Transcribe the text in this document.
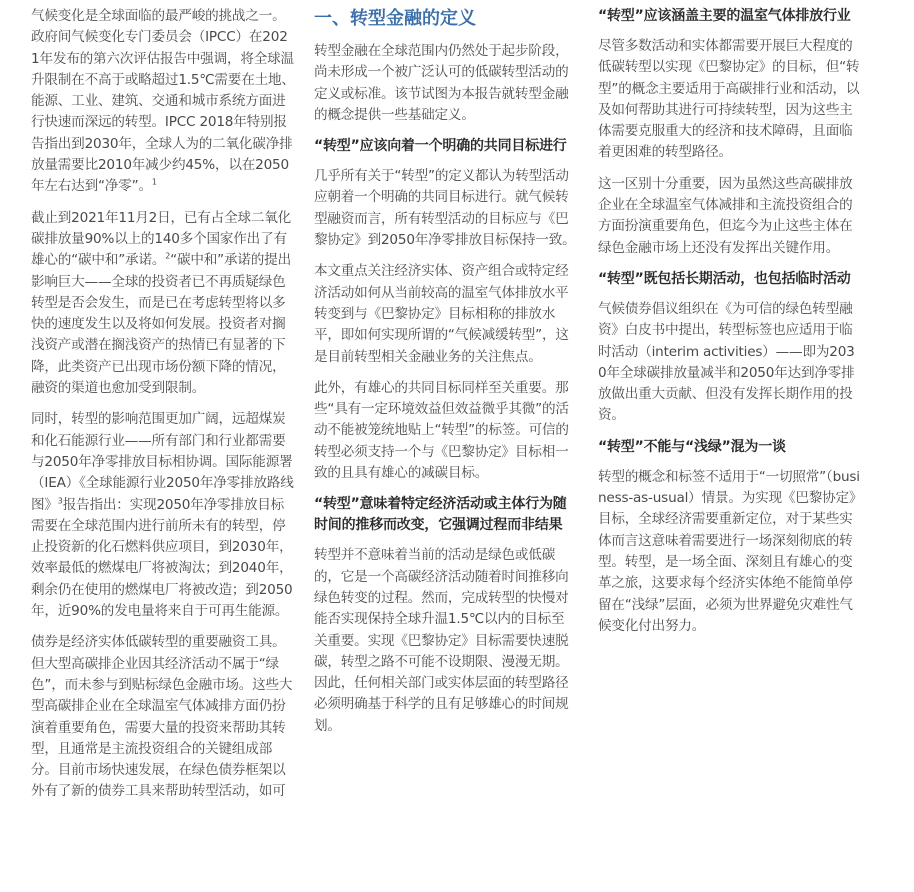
气候变化是全球面临的最严峻的挑战之一。政府间气候变化专门委员会（IPCC）在2021年发布的第六次评估报告中强调，将全球温升限制在不高于或略超过1.5℃需要在土地、能源、工业、建筑、交通和城市系统方面进行快速而深远的转型。IPCC 2018年特别报告指出到2030年，全球人为的二氧化碳净排放量需要比2010年减少约45%，以在2050年左右达到“净零”。$^1$

截止到2021年11月2日，已有占全球二氧化碳排放量90%以上的140多个国家作出了有雄心的“碳中和”承诺。$^2$“碳中和”承诺的提出影响巨大——全球的投资者已不再质疑绿色转型是否会发生，而是已在考虑转型将以多快的速度发生以及将如何发展。投资者对搁浅资产或潜在搁浅资产的热情已有显著的下降，此类资产已出现市场份额下降的情况，融资的渠道也愈加受到限制。

同时，转型的影响范围更加广阔，远超煤炭和化石能源行业——所有部门和行业都需要与2050年净零排放目标相协调。国际能源署（IEA）《全球能源行业2050年净零排放路线图》$^3$报告指出：实现2050年净零排放目标需要在全球范围内进行前所未有的转型，停止投资新的化石燃料供应项目，到2030年，效率最低的燃煤电厂将被淘汰；到2040年，剩余仍在使用的燃煤电厂将被改造；到2050年，近90%的发电量将来自于可再生能源。

债券是经济实体低碳转型的重要融资工具。但大型高碳排企业因其经济活动不属于“绿色”，而未参与到贴标绿色金融市场。这些大型高碳排企业在全球温室气体减排方面仍扮演着重要角色，需要大量的投资来帮助其转型，且通常是主流投资组合的关键组成部分。目前市场快速发展，在绿色债券框架以外有了新的债券工具来帮助转型活动，如可

一、转型金融的定义

转型金融在全球范围内仍然处于起步阶段，尚未形成一个被广泛认可的低碳转型活动的定义或标准。该节试图为本报告就转型金融的概念提供一些基础定义。

“转型”应该向着一个明确的共同目标进行

几乎所有关于“转型”的定义都认为转型活动应朝着一个明确的共同目标进行。就气候转型融资而言，所有转型活动的目标应与《巴黎协定》到2050年净零排放目标保持一致。

本文重点关注经济实体、资产组合或特定经济活动如何从当前较高的温室气体排放水平转变到与《巴黎协定》目标相称的排放水平，即如何实现所谓的“气候减缓转型”，这是目前转型相关金融业务的关注焦点。

此外，有雄心的共同目标同样至关重要。那些“具有一定环境效益但效益微乎其微”的活动不能被笼统地贴上“转型”的标签。可信的转型必须支持一个与《巴黎协定》目标相一致的且具有雄心的减碳目标。

“转型”意味着特定经济活动或主体行为随时间的推移而改变，它强调过程而非结果

转型并不意味着当前的活动是绿色或低碳的，它是一个高碳经济活动随着时间推移向绿色转变的过程。然而，完成转型的快慢对能否实现保持全球升温1.5℃以内的目标至关重要。实现《巴黎协定》目标需要快速脱碳，转型之路不可能不设期限、漫漫无期。因此，任何相关部门或实体层面的转型路径必须明确基于科学的且有足够雄心的时间规划。

“转型”应该涵盖主要的温室气体排放行业

尽管多数活动和实体都需要开展巨大程度的低碳转型以实现《巴黎协定》的目标，但“转型”的概念主要适用于高碳排行业和活动，以及如何帮助其进行可持续转型，因为这些主体需要克服重大的经济和技术障碍，且面临着更困难的转型路径。

这一区别十分重要，因为虽然这些高碳排放企业在全球温室气体减排和主流投资组合的方面扮演重要角色，但迄今为止这些主体在绿色金融市场上还没有发挥出关键作用。

“转型”既包括长期活动，也包括临时活动

气候债券倡议组织在《为可信的绿色转型融资》白皮书中提出，转型标签也应适用于临时活动（interim activities）——即为2030年全球碳排放量减半和2050年达到净零排放做出重大贡献、但没有发挥长期作用的投资。

“转型”不能与“浅绿”混为一谈

转型的概念和标签不适用于“一切照常”（business-as-usual）情景。为实现《巴黎协定》目标，全球经济需要重新定位，对于某些实体而言这意味着需要进行一场深刻彻底的转型。转型，是一场全面、深刻且有雄心的变革之旅，这要求每个经济实体绝不能简单停留在“浅绿”层面，必须为世界避免灾难性气候变化付出努力。
